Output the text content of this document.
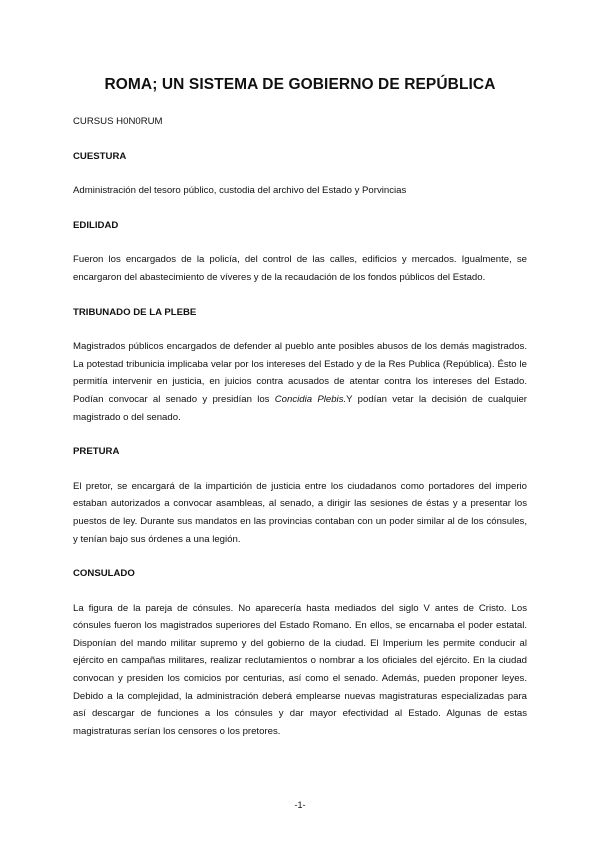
ROMA; UN SISTEMA DE GOBIERNO DE REPÚBLICA
CURSUS H0N0RUM
CUESTURA
Administración del tesoro público, custodia del archivo del Estado y Porvincias
EDILIDAD
Fueron los encargados de la policía, del control de las calles, edificios y mercados. Igualmente, se encargaron del abastecimiento de víveres y de la recaudación de los fondos públicos del Estado.
TRIBUNADO DE LA PLEBE
Magistrados públicos encargados de defender al pueblo ante posibles abusos de los demás magistrados. La potestad tribunicia implicaba velar por los intereses del Estado y de la Res Publica (República). Ésto le permitía intervenir en justicia, en juicios contra acusados de atentar contra los intereses del Estado. Podían convocar al senado y presidían los Concidia Plebis.Y podían vetar la decisión de cualquier magistrado o del senado.
PRETURA
El pretor, se encargará de la impartición de justicia entre los ciudadanos como portadores del imperio estaban autorizados a convocar asambleas, al senado, a dirigir las sesiones de éstas y a presentar los puestos de ley. Durante sus mandatos en las provincias contaban con un poder similar al de los cónsules, y tenían bajo sus órdenes a una legión.
CONSULADO
La figura de la pareja de cónsules. No aparecería hasta mediados del siglo V antes de Cristo. Los cónsules fueron los magistrados superiores del Estado Romano. En ellos, se encarnaba el poder estatal. Disponían del mando militar supremo y del gobierno de la ciudad. El Imperium les permite conducir al ejército en campañas militares, realizar reclutamientos o nombrar a los oficiales del ejército. En la ciudad convocan y presiden los comicios por centurias, así como el senado. Además, pueden proponer leyes. Debido a la complejidad, la administración deberá emplearse nuevas magistraturas especializadas para así descargar de funciones a los cónsules y dar mayor efectividad al Estado. Algunas de estas magistraturas serían los censores o los pretores.
-1-
